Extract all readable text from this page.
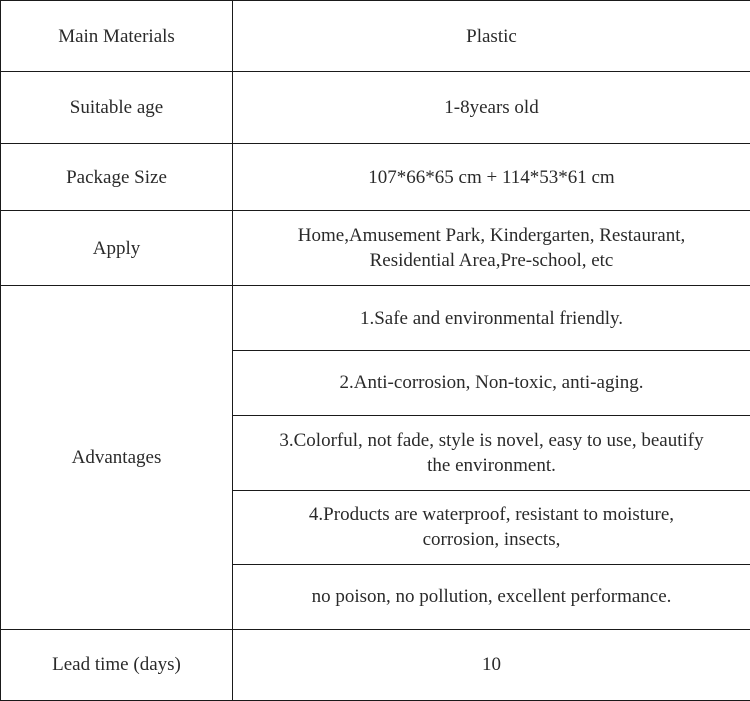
Main Materials	Plastic
Suitable age	1-8years old
Package Size	107*66*65 cm + 114*53*61 cm
Apply	Home,Amusement Park, Kindergarten, Restaurant,
Residential Area,Pre-school, etc
Advantages	1.Safe and environmental friendly.
	2.Anti-corrosion, Non-toxic, anti-aging.
	3.Colorful, not fade, style is novel, easy to use, beautify
the environment.
	4.Products are waterproof, resistant to moisture,
corrosion, insects,
	no poison, no pollution, excellent performance.
Lead time (days)	10
